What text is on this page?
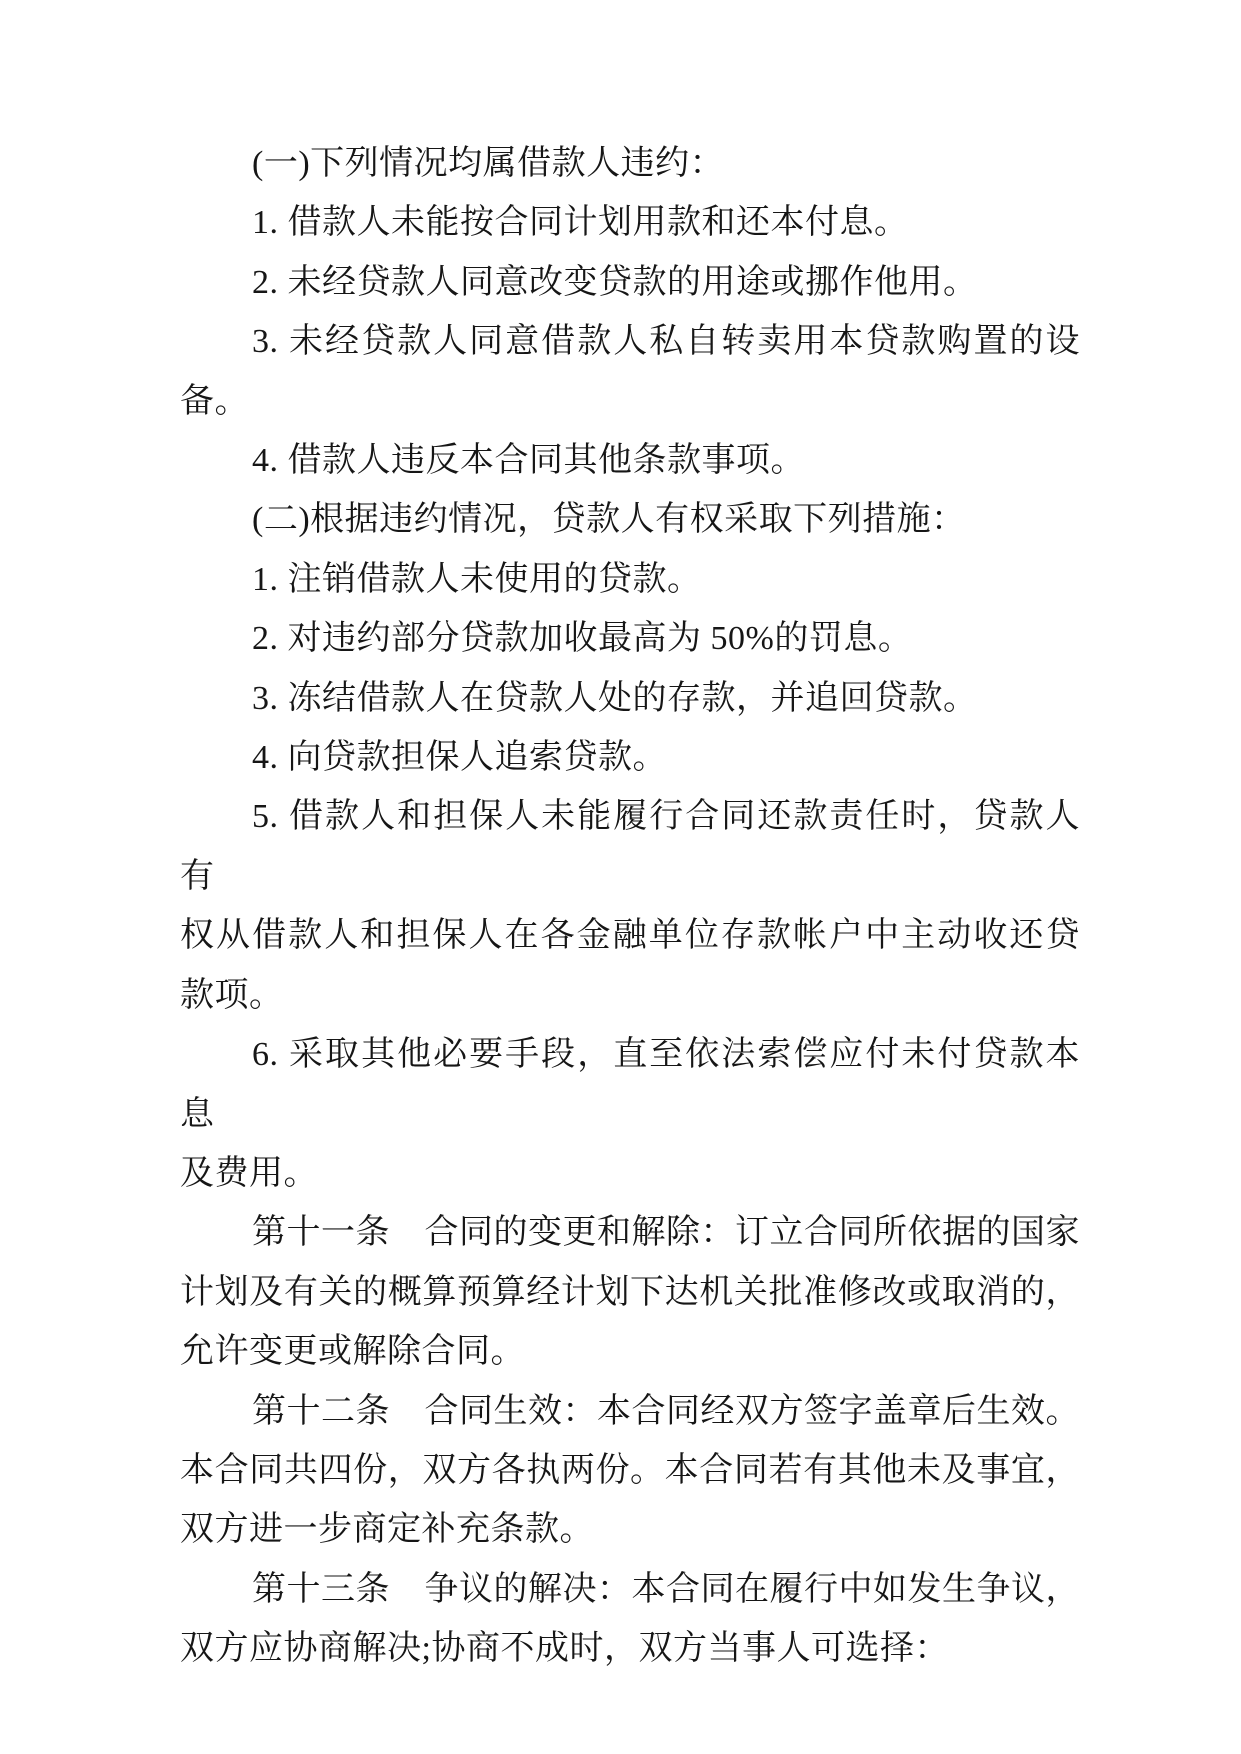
(一)下列情况均属借款人违约：
1. 借款人未能按合同计划用款和还本付息。
2. 未经贷款人同意改变贷款的用途或挪作他用。
3. 未经贷款人同意借款人私自转卖用本贷款购置的设
备。
4. 借款人违反本合同其他条款事项。
(二)根据违约情况，贷款人有权采取下列措施：
1. 注销借款人未使用的贷款。
2. 对违约部分贷款加收最高为 50%的罚息。
3. 冻结借款人在贷款人处的存款，并追回贷款。
4. 向贷款担保人追索贷款。
5. 借款人和担保人未能履行合同还款责任时，贷款人有
权从借款人和担保人在各金融单位存款帐户中主动收还贷
款项。
6. 采取其他必要手段，直至依法索偿应付未付贷款本息
及费用。
第十一条　合同的变更和解除：订立合同所依据的国家
计划及有关的概算预算经计划下达机关批准修改或取消的，
允许变更或解除合同。
第十二条　合同生效：本合同经双方签字盖章后生效。
本合同共四份，双方各执两份。本合同若有其他未及事宜，
双方进一步商定补充条款。
第十三条　争议的解决：本合同在履行中如发生争议，
双方应协商解决;协商不成时，双方当事人可选择：
